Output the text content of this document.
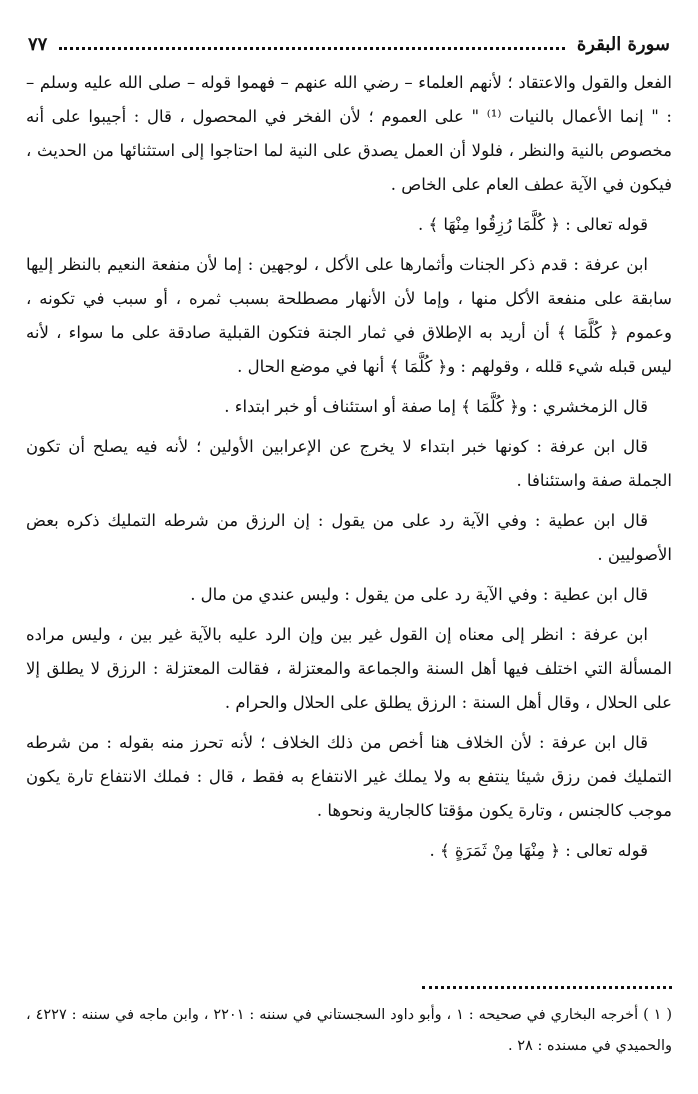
سورة البقرة
٧٧

الفعل والقول والاعتقاد ؛ لأنهم العلماء – رضي الله عنهم – فهموا قوله – صلى الله عليه وسلم – : " إنما الأعمال بالنيات ⁽¹⁾ " على العموم ؛ لأن الفخر في المحصول ، قال : أجيبوا على أنه مخصوص بالنية والنظر ، فلولا أن العمل يصدق على النية لما احتاجوا إلى استثنائها من الحديث ، فيكون في الآية عطف العام على الخاص .

قوله تعالى : ﴿ كُلَّمَا رُزِقُوا مِنْهَا ﴾ .

ابن عرفة : قدم ذكر الجنات وأثمارها على الأكل ، لوجهين : إما لأن منفعة النعيم بالنظر إليها سابقة على منفعة الأكل منها ، وإما لأن الأنهار مصطلحة بسبب ثمره ، أو سبب في تكونه ، وعموم ﴿ كُلَّمَا ﴾ أن أريد به الإطلاق في ثمار الجنة فتكون القبلية صادقة على ما سواء ، لأنه ليس قبله شيء قلله ، وقولهم : و﴿ كُلَّمَا ﴾ أنها في موضع الحال .

قال الزمخشري : و﴿ كُلَّمَا ﴾ إما صفة أو استئناف أو خبر ابتداء .

قال ابن عرفة : كونها خبر ابتداء لا يخرج عن الإعرابين الأولين ؛ لأنه فيه يصلح أن تكون الجملة صفة واستئنافا .

قال ابن عطية : وفي الآية رد على من يقول : إن الرزق من شرطه التمليك ذكره بعض الأصوليين .

قال ابن عطية : وفي الآية رد على من يقول : وليس عندي من مال .

ابن عرفة : انظر إلى معناه إن القول غير بين وإن الرد عليه بالآية غير بين ، وليس مراده المسألة التي اختلف فيها أهل السنة والجماعة والمعتزلة ، فقالت المعتزلة : الرزق لا يطلق إلا على الحلال ، وقال أهل السنة : الرزق يطلق على الحلال والحرام .

قال ابن عرفة : لأن الخلاف هنا أخص من ذلك الخلاف ؛ لأنه تحرز منه بقوله : من شرطه التمليك فمن رزق شيئا ينتفع به ولا يملك غير الانتفاع به فقط ، قال : فملك الانتفاع تارة يكون موجب كالجنس ، وتارة يكون مؤقتا كالجارية ونحوها .

قوله تعالى : ﴿ مِنْهَا مِنْ ثَمَرَةٍ ﴾ .

( ١ ) أخرجه البخاري في صحيحه : ١ ، وأبو داود السجستاني في سننه : ٢٢٠١ ، وابن ماجه في سننه : ٤٢٢٧ ، والحميدي في مسنده : ٢٨ .
